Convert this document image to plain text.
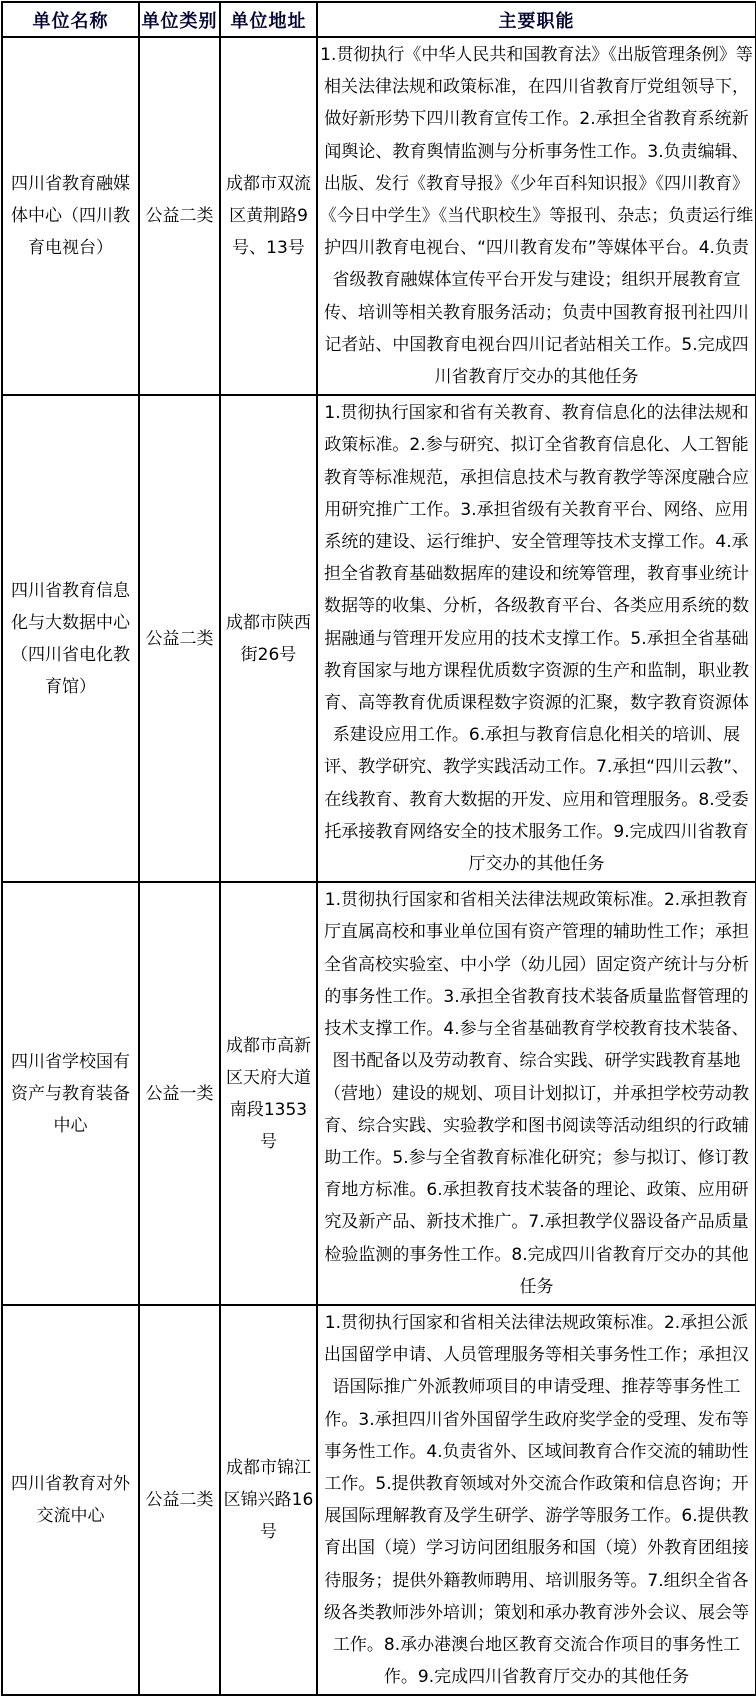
单位名称	单位类别	单位地址	主要职能
四川省教育融媒体中心（四川教育电视台）	公益二类	成都市双流区黄荆路9号、13号	1.贯彻执行《中华人民共和国教育法》《出版管理条例》等相关法律法规和政策标准，在四川省教育厅党组领导下，做好新形势下四川教育宣传工作。2.承担全省教育系统新闻舆论、教育舆情监测与分析事务性工作。3.负责编辑、出版、发行《教育导报》《少年百科知识报》《四川教育》《今日中学生》《当代职校生》等报刊、杂志；负责运行维护四川教育电视台、“四川教育发布”等媒体平台。4.负责省级教育融媒体宣传平台开发与建设；组织开展教育宣传、培训等相关教育服务活动；负责中国教育报刊社四川记者站、中国教育电视台四川记者站相关工作。5.完成四川省教育厅交办的其他任务
四川省教育信息化与大数据中心（四川省电化教育馆）	公益二类	成都市陕西街26号	1.贯彻执行国家和省有关教育、教育信息化的法律法规和政策标准。2.参与研究、拟订全省教育信息化、人工智能教育等标准规范，承担信息技术与教育教学等深度融合应用研究推广工作。3.承担省级有关教育平台、网络、应用系统的建设、运行维护、安全管理等技术支撑工作。4.承担全省教育基础数据库的建设和统筹管理，教育事业统计数据等的收集、分析，各级教育平台、各类应用系统的数据融通与管理开发应用的技术支撑工作。5.承担全省基础教育国家与地方课程优质数字资源的生产和监制，职业教育、高等教育优质课程数字资源的汇聚，数字教育资源体系建设应用工作。6.承担与教育信息化相关的培训、展评、教学研究、教学实践活动工作。7.承担“四川云教”、在线教育、教育大数据的开发、应用和管理服务。8.受委托承接教育网络安全的技术服务工作。9.完成四川省教育厅交办的其他任务
四川省学校国有资产与教育装备中心	公益一类	成都市高新区天府大道南段1353号	1.贯彻执行国家和省相关法律法规政策标准。2.承担教育厅直属高校和事业单位国有资产管理的辅助性工作；承担全省高校实验室、中小学（幼儿园）固定资产统计与分析的事务性工作。3.承担全省教育技术装备质量监督管理的技术支撑工作。4.参与全省基础教育学校教育技术装备、图书配备以及劳动教育、综合实践、研学实践教育基地（营地）建设的规划、项目计划拟订，并承担学校劳动教育、综合实践、实验教学和图书阅读等活动组织的行政辅助工作。5.参与全省教育标准化研究；参与拟订、修订教育地方标准。6.承担教育技术装备的理论、政策、应用研究及新产品、新技术推广。7.承担教学仪器设备产品质量检验监测的事务性工作。8.完成四川省教育厅交办的其他任务
四川省教育对外交流中心	公益二类	成都市锦江区锦兴路16号	1.贯彻执行国家和省相关法律法规政策标准。2.承担公派出国留学申请、人员管理服务等相关事务性工作；承担汉语国际推广外派教师项目的申请受理、推荐等事务性工作。3.承担四川省外国留学生政府奖学金的受理、发布等事务性工作。4.负责省外、区域间教育合作交流的辅助性工作。5.提供教育领域对外交流合作政策和信息咨询；开展国际理解教育及学生研学、游学等服务工作。6.提供教育出国（境）学习访问团组服务和国（境）外教育团组接待服务；提供外籍教师聘用、培训服务等。7.组织全省各级各类教师涉外培训；策划和承办教育涉外会议、展会等工作。8.承办港澳台地区教育交流合作项目的事务性工作。9.完成四川省教育厅交办的其他任务
